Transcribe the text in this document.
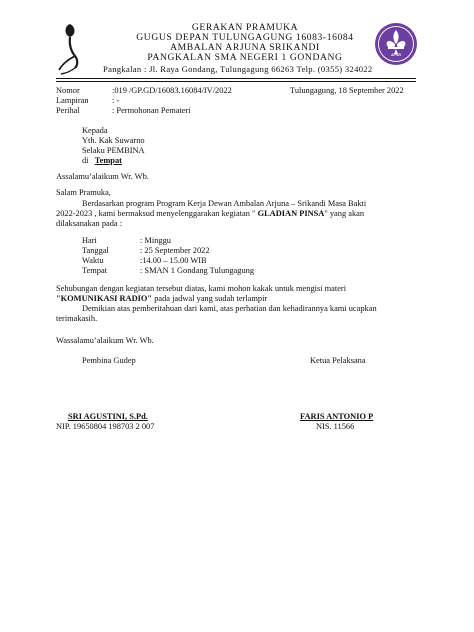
GERAKAN PRAMUKA
GUGUS DEPAN TULUNGAGUNG 16083-16084
AMBALAN ARJUNA SRIKANDI
PANGKALAN SMA NEGERI 1 GONDANG
Pangkalan : Jl. Raya Gondang, Tulungagung 66263 Telp. (0355) 324022
APSR
Nomor	:019 /GP.GD/16083.16084/IV/2022
Lampiran	: -
Perihal	: Permohonan Pemateri
Tulungagung, 18 September 2022
Kepada
Yth. Kak Suwarno
Selaku PEMBINA
di Tempat
Assalamu’alaikum Wr. Wb.
Salam Pramuka,
Berdasarkan program Program Kerja Dewan Ambalan Arjuna – Srikandi Masa Bakti
2022-2023 , kami bermaksud menyelenggarakan kegiatan " GLADIAN PINSA" yang akan
dilaksanakan pada :
Hari	: Minggu
Tanggal	: 25 September 2022
Waktu	:14.00 – 15.00 WIB
Tempat	: SMAN 1 Gondang Tulungagung
Sehubungan dengan kegiatan tersebut diatas, kami mohon kakak untuk mengisi materi
"KOMUNIKASI RADIO" pada jadwal yang sudah terlampir
Demikian atas pemberitahuan dari kami, atas perhatian dan kehadirannya kami ucapkan
terimakasih.
Wassalamu’alaikum Wr. Wb.
Pembina Gudep	Ketua Pelaksana
SRI AGUSTINI, S.Pd.
NIP. 19650804 198703 2 007
FARIS ANTONIO P
NIS. 11566
